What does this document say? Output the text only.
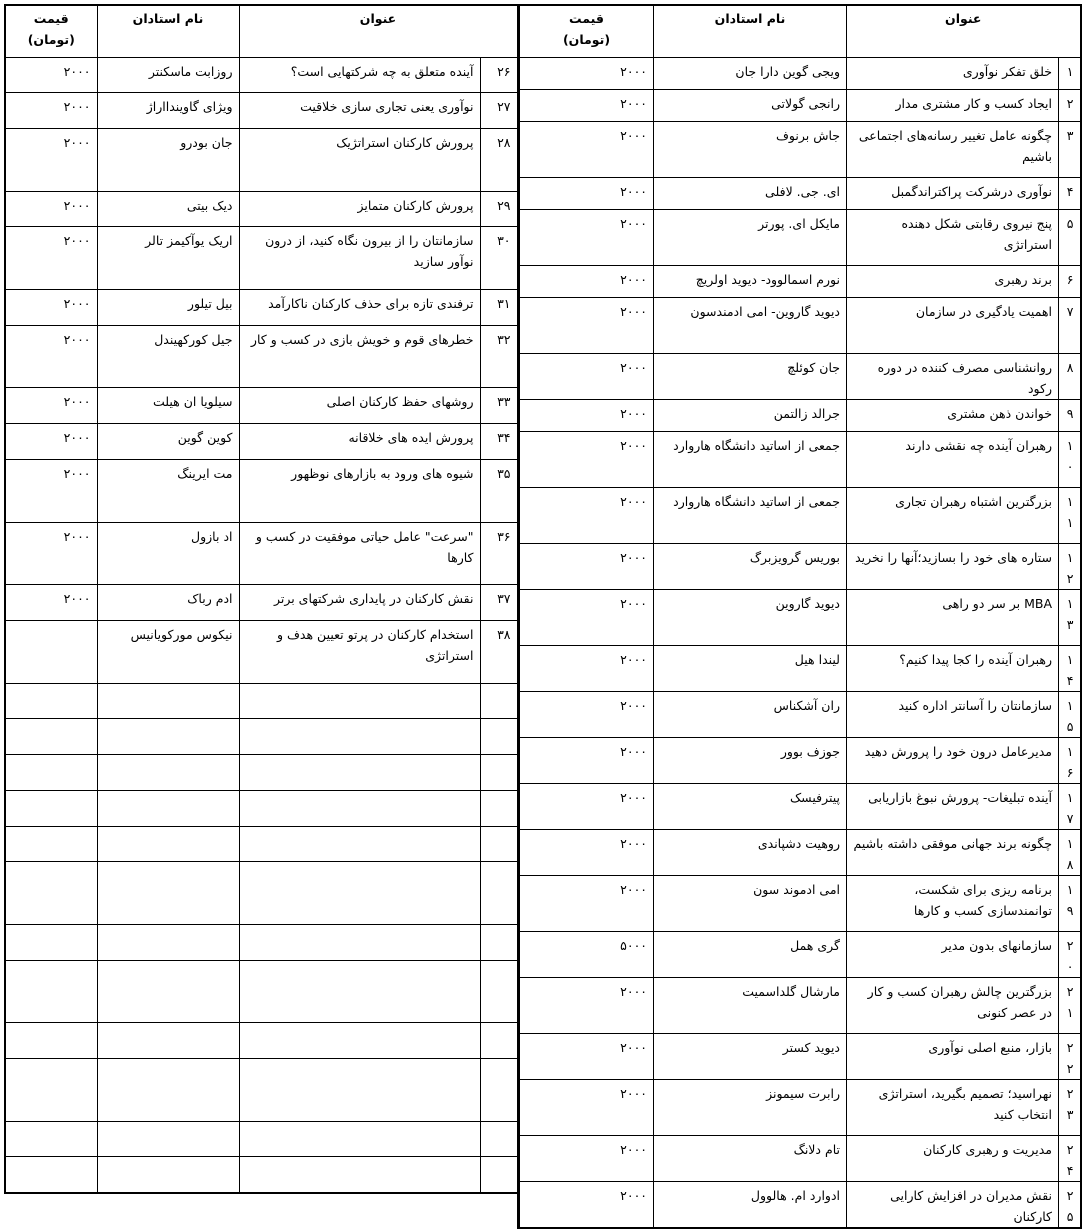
عنوان		نام استادان	قیمت
(تومان)
۱	خلق تفکر نوآوری	ویجی گوین دارا جان	۲۰۰۰
۲	ایجاد کسب و کار مشتری مدار	رانجی گولاتی	۲۰۰۰
۳	چگونه عامل تغییر رسانه‌های اجتماعی باشیم	جاش برنوف	۲۰۰۰
۴	نوآوری درشرکت پراکتراندگمبل	ای. جی. لافلی	۲۰۰۰
۵	پنج نیروی رقابتی شکل دهنده استراتژی	مایکل ای. پورتر	۲۰۰۰
۶	برند رهبری	نورم اسمالوود- دیوید اولریچ	۲۰۰۰
۷	اهمیت یادگیری در سازمان	دیوید گاروین- امی ادمندسون	۲۰۰۰
۸	روانشناسی مصرف کننده در دوره رکود	جان کوئلچ	۲۰۰۰
۹	خواندن ذهن مشتری	جرالد زالتمن	۲۰۰۰
۱۰	رهبران آینده چه نقشی دارند	جمعی از اساتید دانشگاه هاروارد	۲۰۰۰
۱۱	بزرگترین اشتباه رهبران تجاری	جمعی از اساتید دانشگاه هاروارد	۲۰۰۰
۱۲	ستاره های خود را بسازید؛آنها را نخرید	بوریس گرویزبرگ	۲۰۰۰
۱۳	MBA بر سر دو راهی	دیوید گاروین	۲۰۰۰
۱۴	رهبران آینده را کجا پیدا کنیم؟	لیندا هیل	۲۰۰۰
۱۵	سازمانتان را آسانتر اداره کنید	ران آشکناس	۲۰۰۰
۱۶	مدیرعامل درون خود را پرورش دهید	جوزف بوور	۲۰۰۰
۱۷	آینده تبلیغات- پرورش نبوغ بازاریابی	پیترفیسک	۲۰۰۰
۱۸	چگونه برند جهانی موفقی داشته باشیم	روهیت دشپاندی	۲۰۰۰
۱۹	برنامه ریزی برای شکست، توانمندسازی کسب و کارها	امی ادموند سون	۲۰۰۰
۲۰	سازمانهای بدون مدیر	گری همل	۵۰۰۰
۲۱	بزرگترین چالش رهبران کسب و کار در عصر کنونی	مارشال گلداسمیت	۲۰۰۰
۲۲	بازار، منبع اصلی نوآوری	دیوید کستر	۲۰۰۰
۲۳	نهراسید؛ تصمیم بگیرید، استراتژی انتخاب کنید	رابرت سیمونز	۲۰۰۰
۲۴	مدیریت و رهبری کارکنان	تام دلانگ	۲۰۰۰
۲۵	نقش مدیران در افزایش کارایی کارکنان	ادوارد ام. هالوول	۲۰۰۰
عنوان		نام استادان	قیمت
(تومان)
۲۶	آینده متعلق به چه شرکتهایی است؟	روزابت ماسکنتر	۲۰۰۰
۲۷	نوآوری یعنی تجاری سازی خلاقیت	ویژای گاویندااراژ	۲۰۰۰
۲۸	پرورش کارکنان استراتژیک	جان بودرو	۲۰۰۰
۲۹	پرورش کارکنان متمایز	دیک بیتی	۲۰۰۰
۳۰	سازمانتان را از بیرون نگاه کنید، از درون نوآور سازید	اریک یوآکیمز تالر	۲۰۰۰
۳۱	ترفندی تازه برای حذف کارکنان ناکارآمد	بیل تیلور	۲۰۰۰
۳۲	خطرهای قوم و خویش بازی در کسب و کار	جیل کورکهیندل	۲۰۰۰
۳۳	روشهای حفظ کارکنان اصلی	سیلویا ان هیلت	۲۰۰۰
۳۴	پرورش ایده های خلاقانه	کوین گوین	۲۰۰۰
۳۵	شیوه های ورود به بازارهای نوظهور	مت ایرینگ	۲۰۰۰
۳۶	"سرعت" عامل حیاتی موفقیت در کسب و کارها	اد بازول	۲۰۰۰
۳۷	نقش کارکنان در پایداری شرکتهای برتر	ادم رباک	۲۰۰۰
۳۸	استخدام کارکنان در پرتو تعیین هدف و استراتژی	نیکوس موركويانيس	
